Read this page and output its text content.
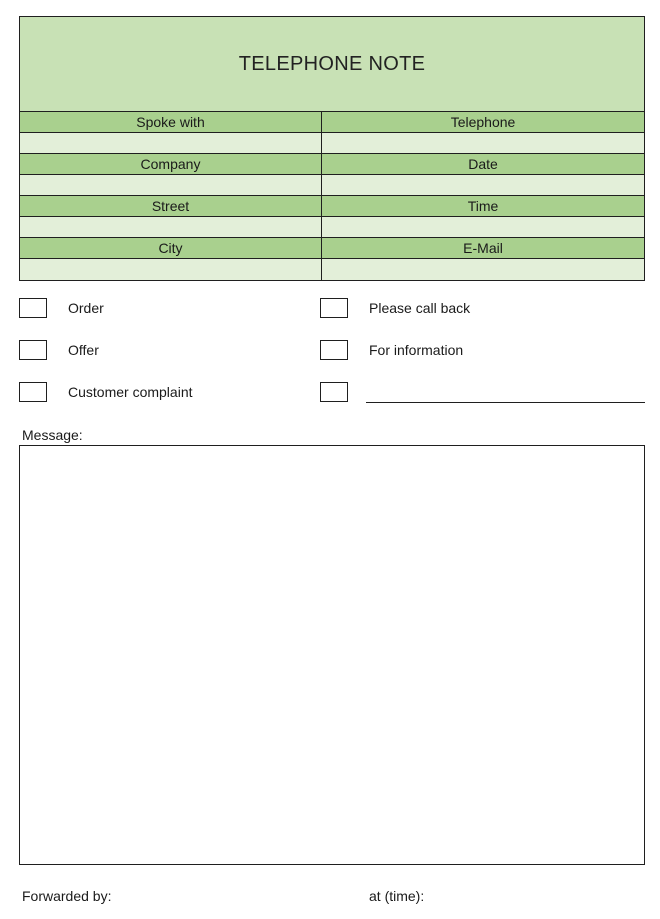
TELEPHONE NOTE
Spoke with	Telephone
Company	Date
Street	Time
City	E-Mail
Order
Offer
Customer complaint
Please call back
For information
Message:
Forwarded by:	at (time):
